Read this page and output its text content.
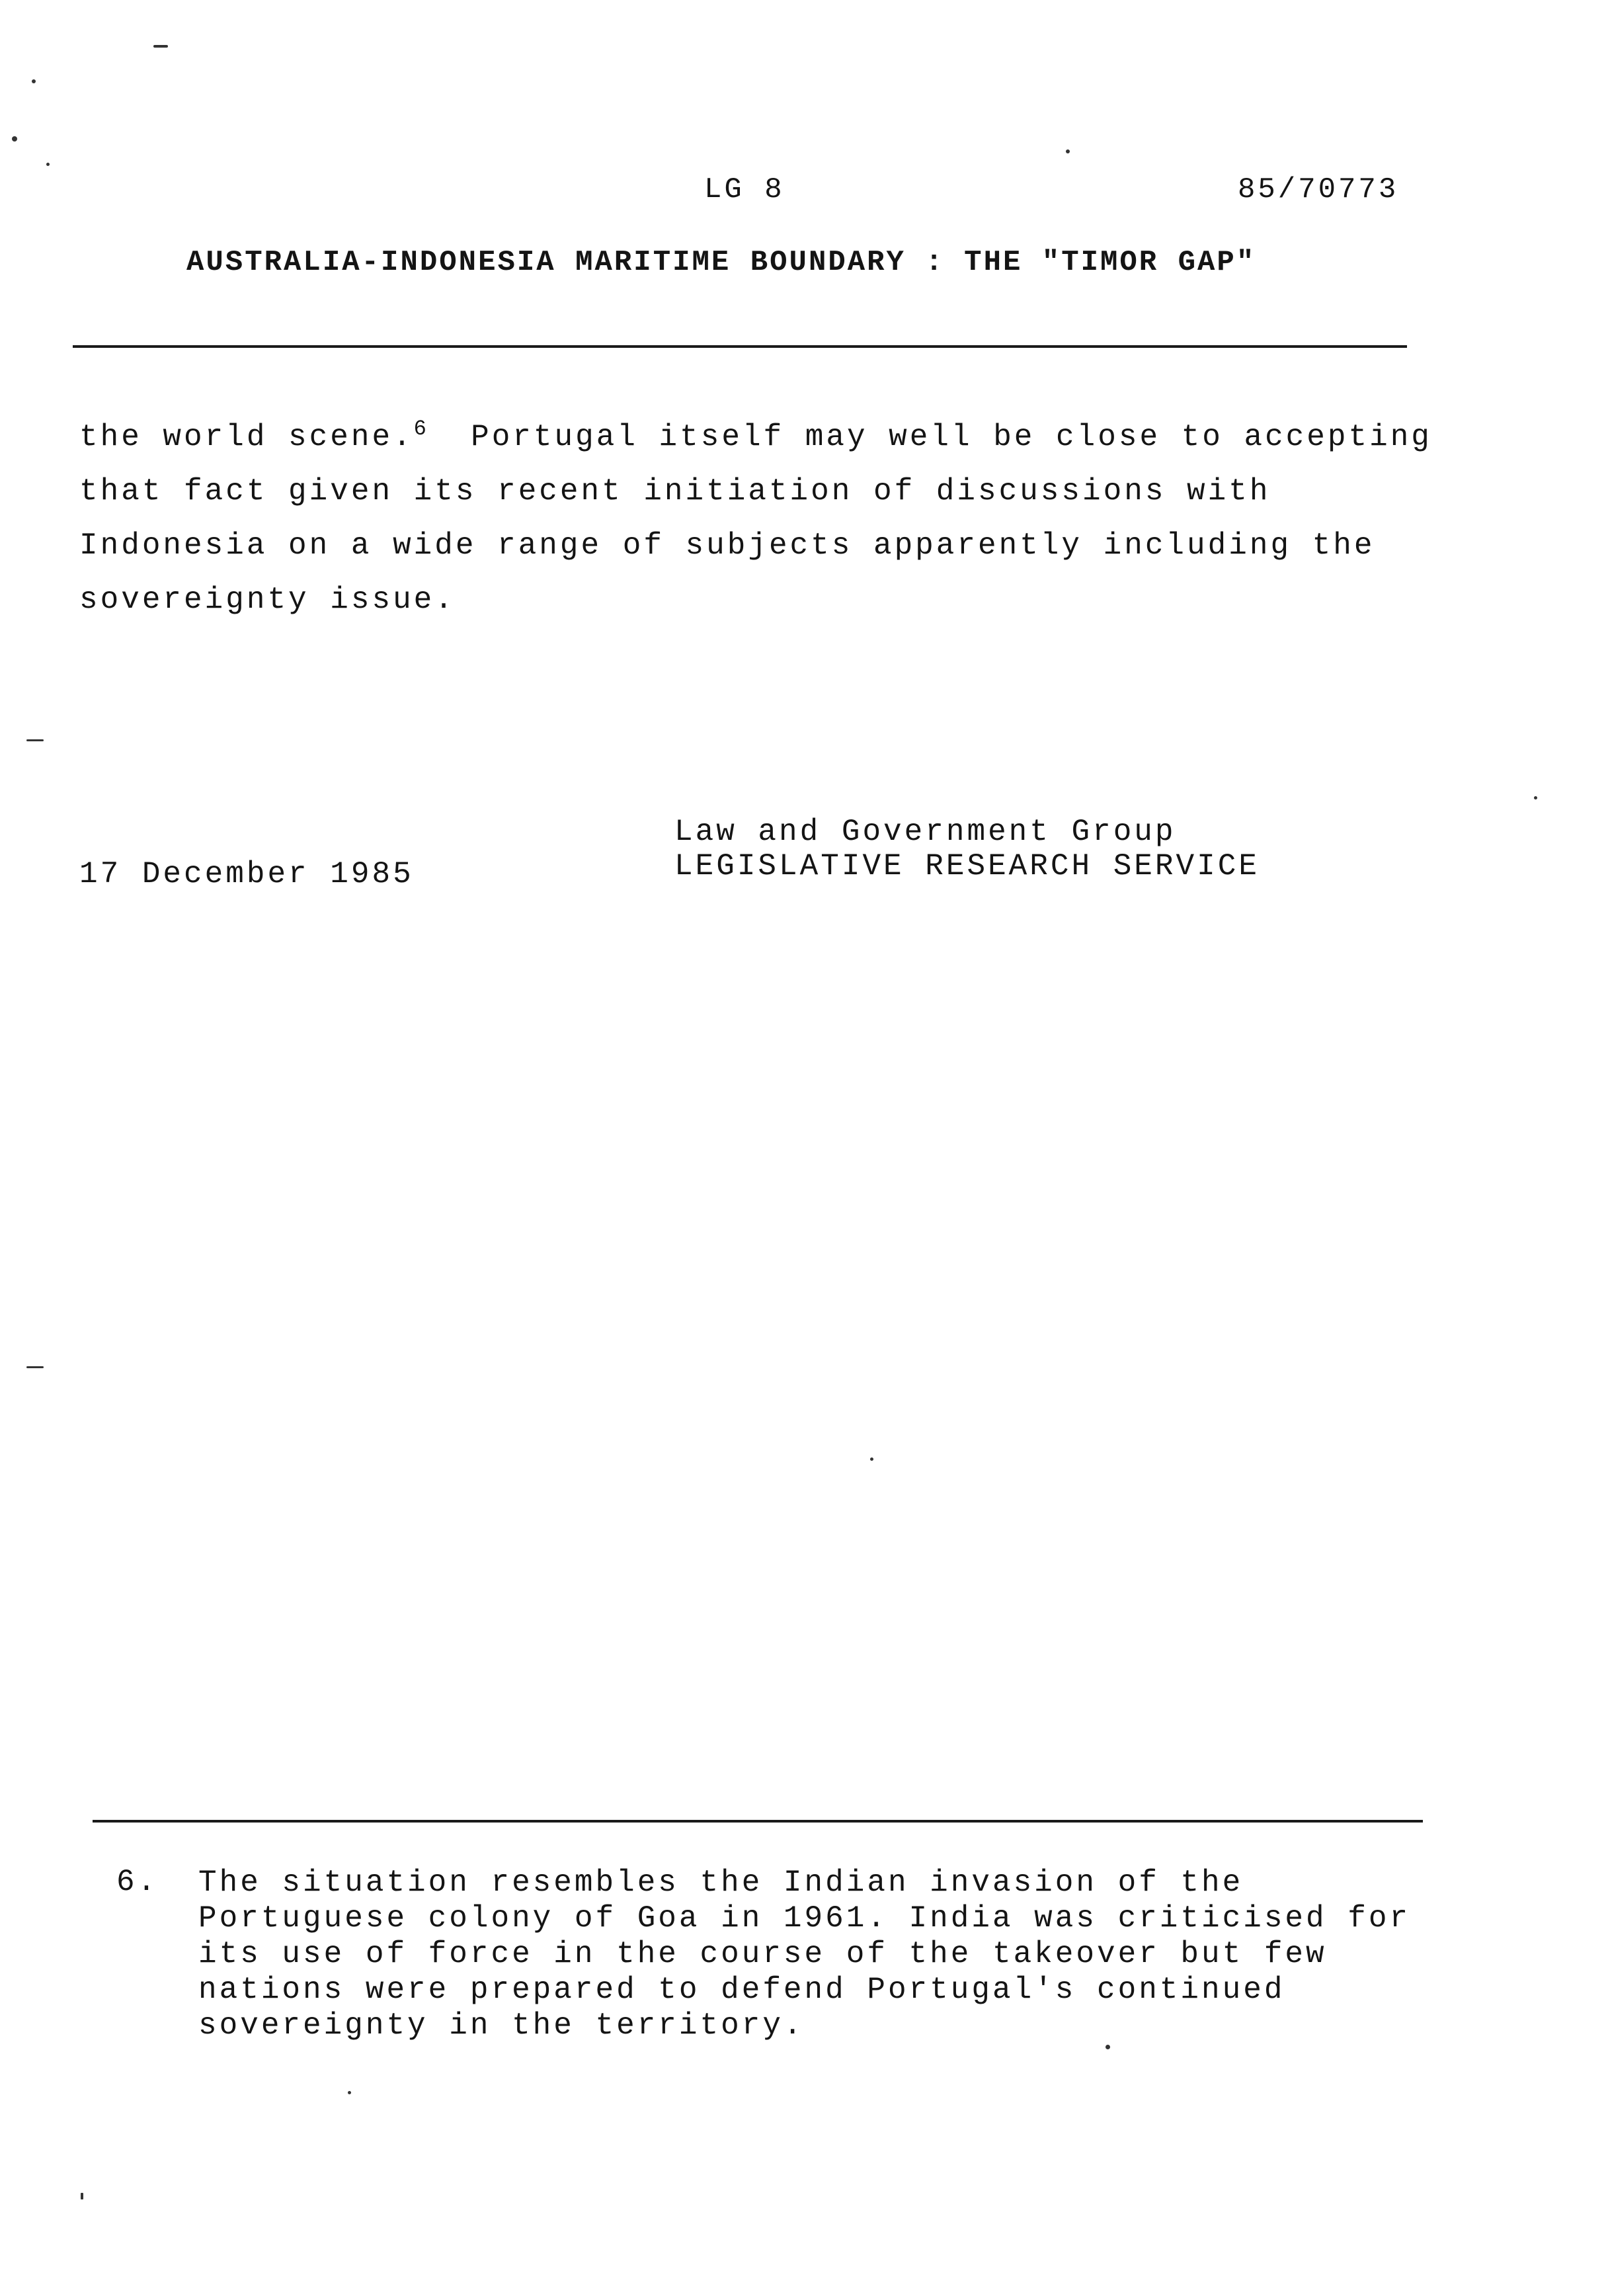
LG 8	85/70773
AUSTRALIA-INDONESIA MARITIME BOUNDARY : THE "TIMOR GAP"
the world scene.$^6$ Portugal itself may well be close to accepting
that fact given its recent initiation of discussions with
Indonesia on a wide range of subjects apparently including the
sovereignty issue.
17 December 1985
Law and Government Group
LEGISLATIVE RESEARCH SERVICE
6. The situation resembles the Indian invasion of the
Portuguese colony of Goa in 1961. India was criticised for
its use of force in the course of the takeover but few
nations were prepared to defend Portugal's continued
sovereignty in the territory.
